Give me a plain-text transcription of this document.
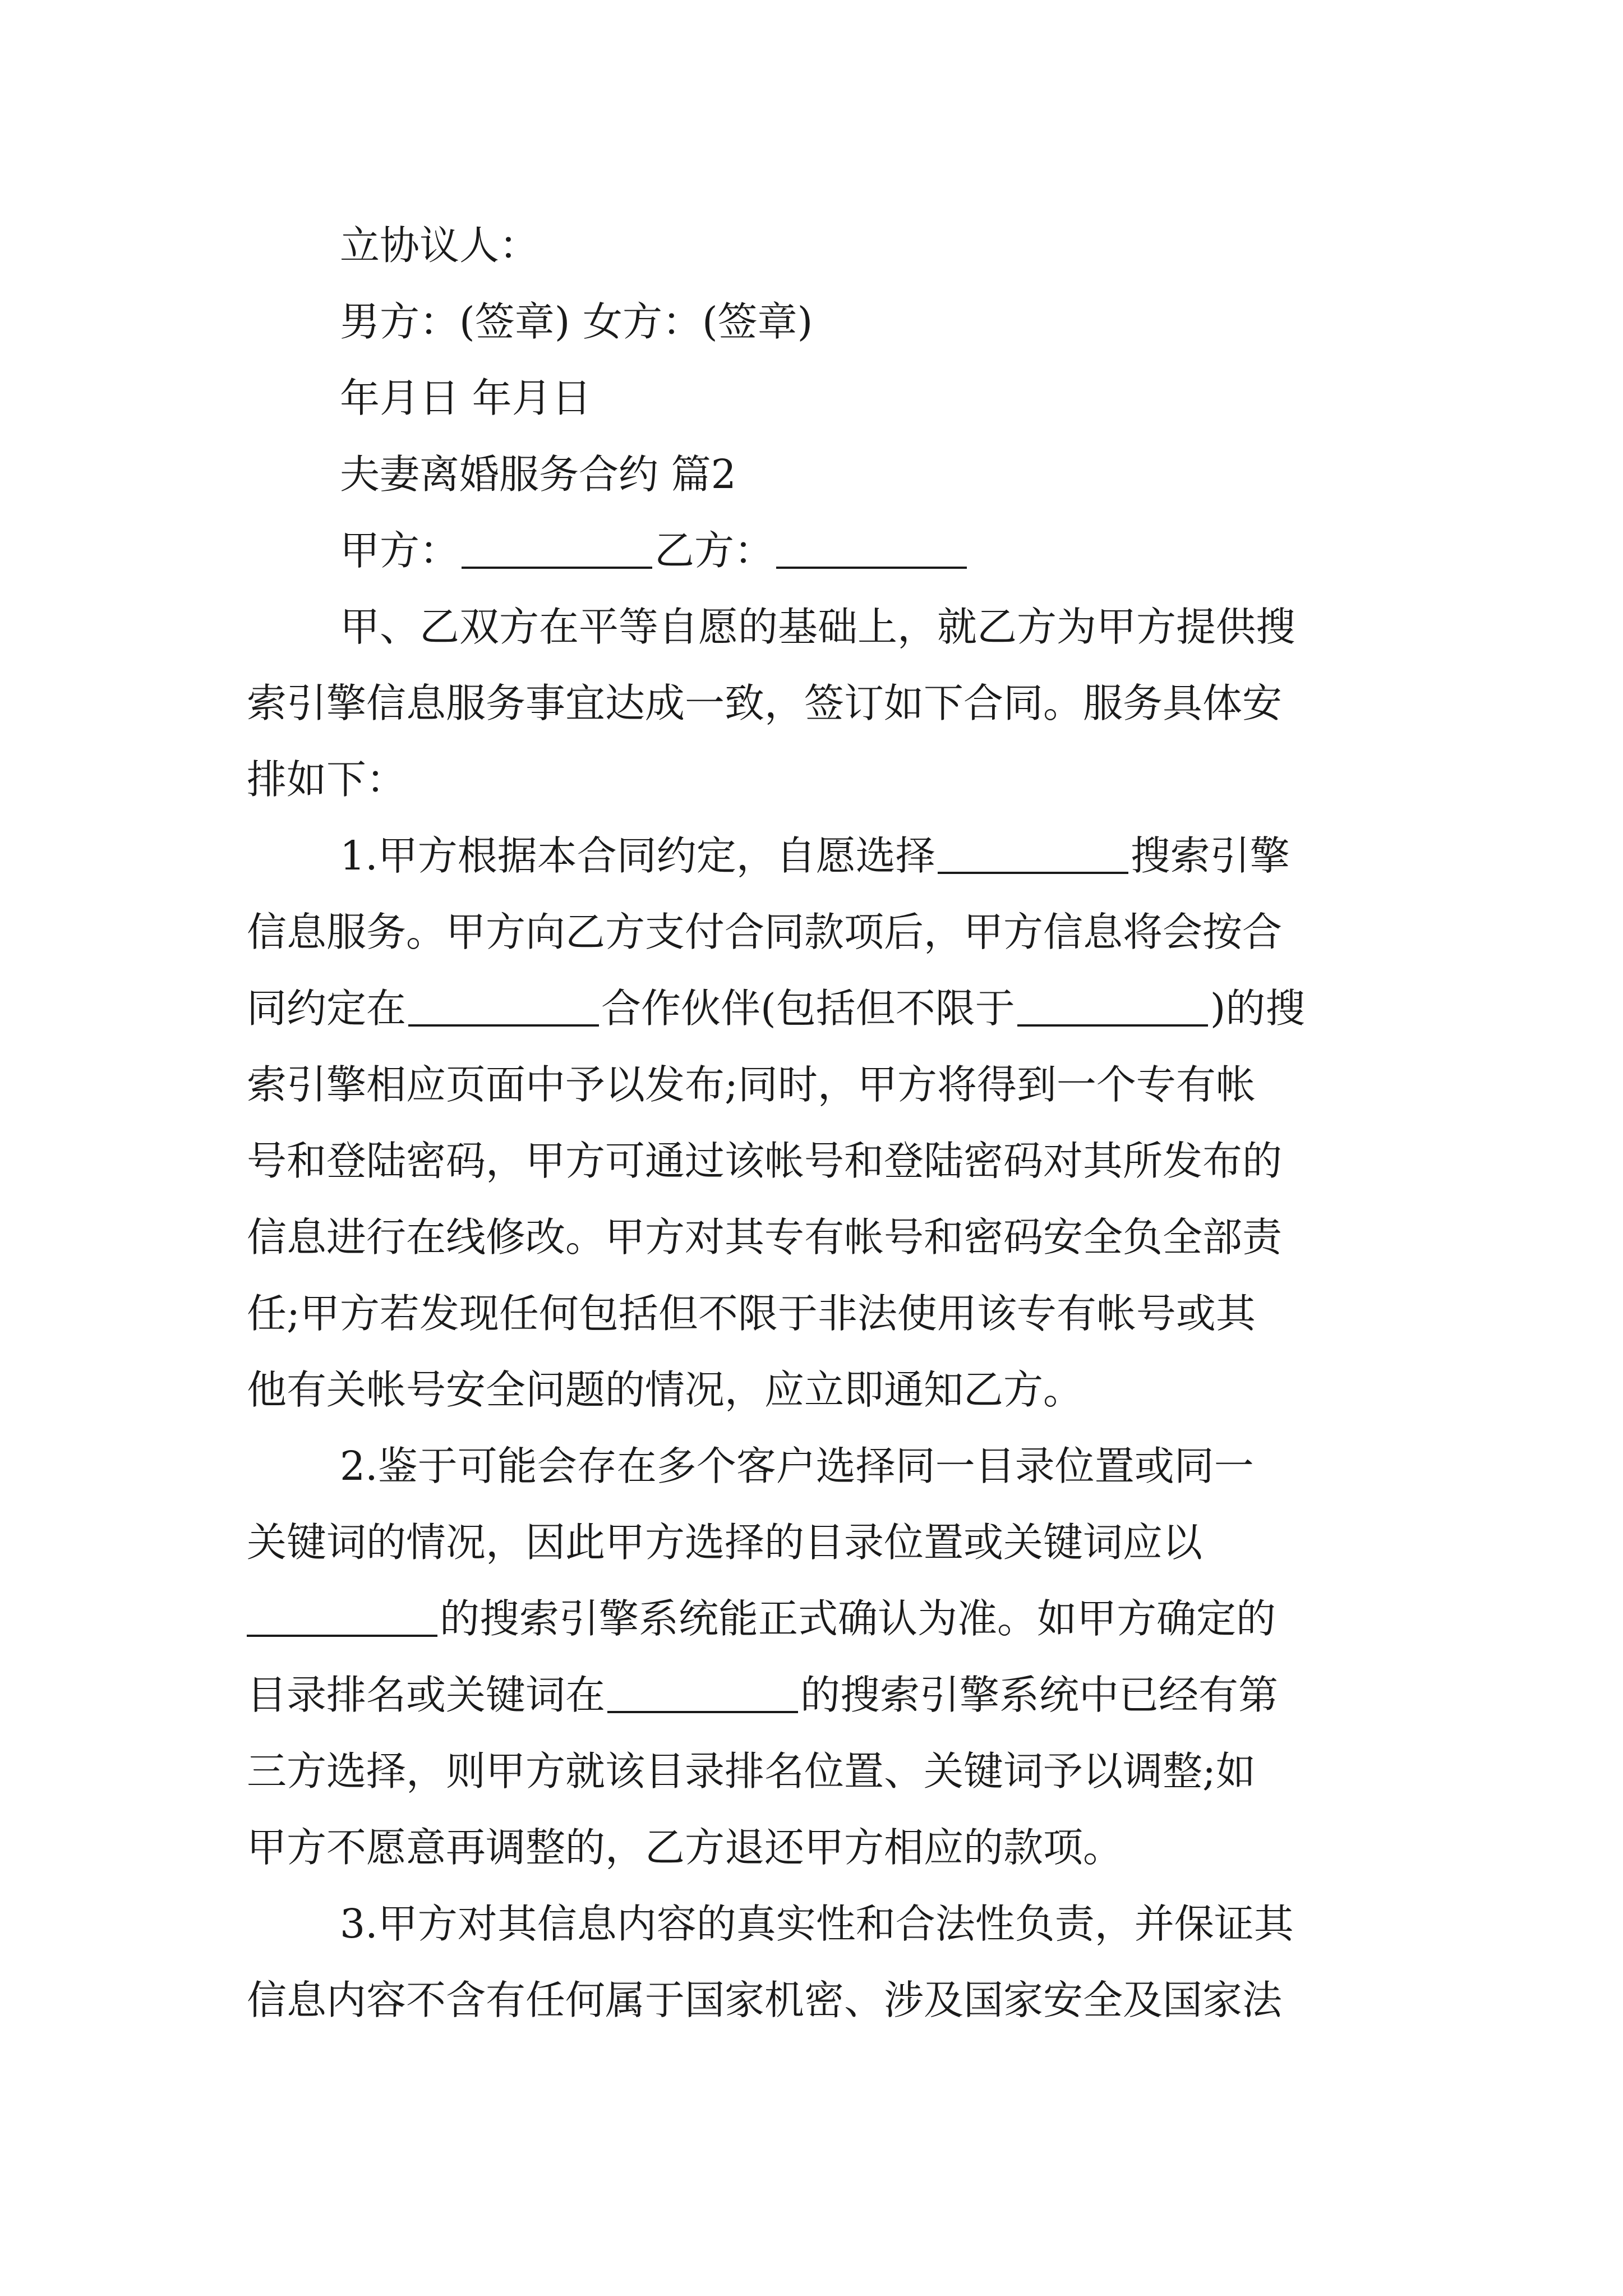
立协议人：
男方：(签章) 女方：(签章)
年月日 年月日
夫妻离婚服务合约 篇2
甲方：	乙方：
甲、乙双方在平等自愿的基础上，就乙方为甲方提供搜
索引擎信息服务事宜达成一致，签订如下合同。服务具体安
排如下：
1.甲方根据本合同约定，自愿选择	搜索引擎
信息服务。甲方向乙方支付合同款项后，甲方信息将会按合
同约定在	合作伙伴(包括但不限于	)的搜
索引擎相应页面中予以发布;同时，甲方将得到一个专有帐
号和登陆密码，甲方可通过该帐号和登陆密码对其所发布的
信息进行在线修改。甲方对其专有帐号和密码安全负全部责
任;甲方若发现任何包括但不限于非法使用该专有帐号或其
他有关帐号安全问题的情况，应立即通知乙方。
2.鉴于可能会存在多个客户选择同一目录位置或同一
关键词的情况，因此甲方选择的目录位置或关键词应以
的搜索引擎系统能正式确认为准。如甲方确定的
目录排名或关键词在	的搜索引擎系统中已经有第
三方选择，则甲方就该目录排名位置、关键词予以调整;如
甲方不愿意再调整的，乙方退还甲方相应的款项。
3.甲方对其信息内容的真实性和合法性负责，并保证其
信息内容不含有任何属于国家机密、涉及国家安全及国家法
